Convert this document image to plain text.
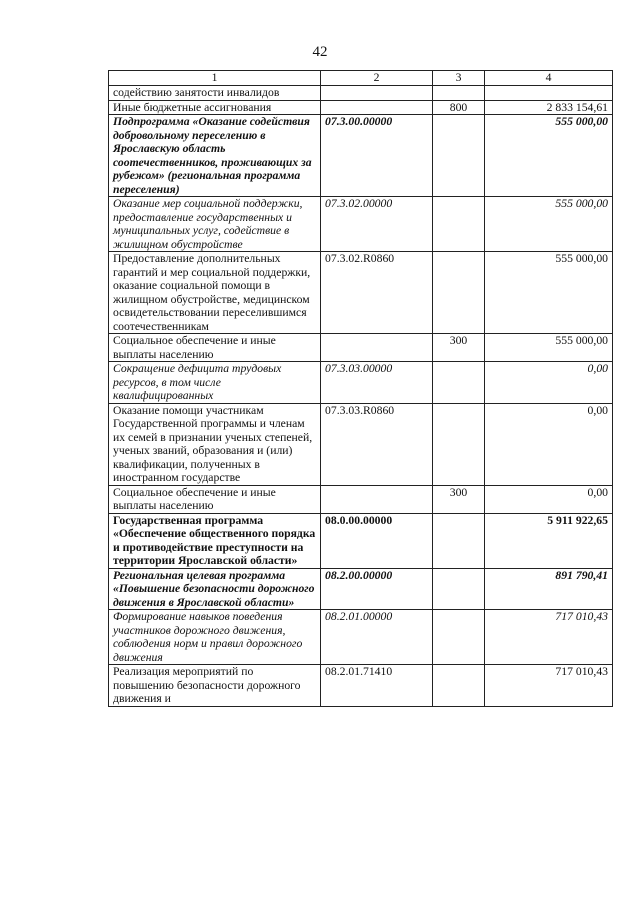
42
1	2	3	4
содействию занятости инвалидов			
Иные бюджетные ассигнования		800	2 833 154,61
Подпрограмма «Оказание содействия добровольному переселению в Ярославскую область соотечественников, проживающих за рубежом» (региональная программа переселения)	07.3.00.00000		555 000,00
Оказание мер социальной поддержки, предоставление государственных и муниципальных услуг, содействие в жилищном обустройстве	07.3.02.00000		555 000,00
Предоставление дополнительных гарантий и мер социальной поддержки, оказание социальной помощи в жилищном обустройстве, медицинском освидетельствовании переселившимся соотечественникам	07.3.02.R0860		555 000,00
Социальное обеспечение и иные выплаты населению		300	555 000,00
Сокращение дефицита трудовых ресурсов, в том числе квалифицированных	07.3.03.00000		0,00
Оказание помощи участникам Государственной программы и членам их семей в признании ученых степеней, ученых званий, образования и (или) квалификации, полученных в иностранном государстве	07.3.03.R0860		0,00
Социальное обеспечение и иные выплаты населению		300	0,00
Государственная программа «Обеспечение общественного порядка и противодействие преступности на территории Ярославской области»	08.0.00.00000		5 911 922,65
Региональная целевая программа «Повышение безопасности дорожного движения в Ярославской области»	08.2.00.00000		891 790,41
Формирование навыков поведения участников дорожного движения, соблюдения норм и правил дорожного движения	08.2.01.00000		717 010,43
Реализация мероприятий по повышению безопасности дорожного движения и	08.2.01.71410		717 010,43
